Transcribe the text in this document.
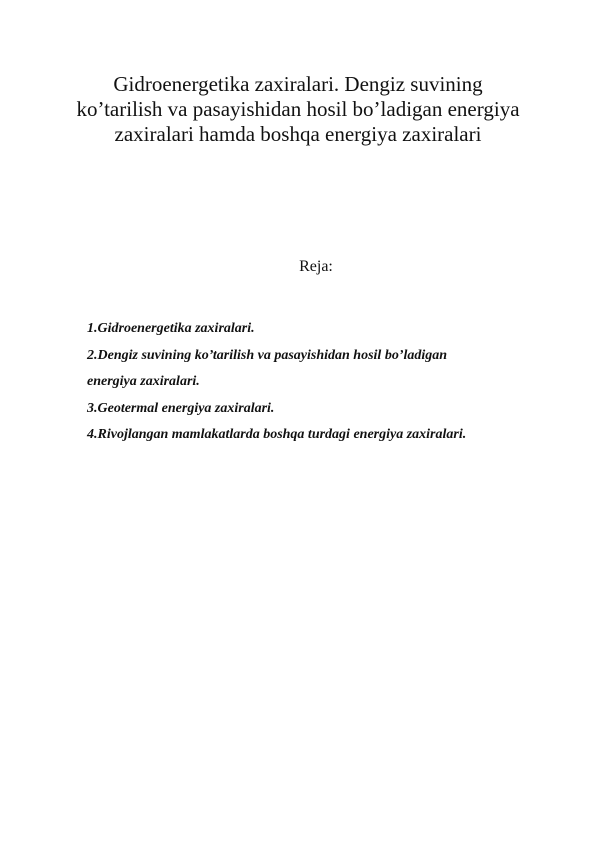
Gidroenergetika zaxiralari. Dengiz suvining
ko’tarilish va pasayishidan hosil bo’ladigan energiya
zaxiralari hamda boshqa energiya zaxiralari
Reja:
1.Gidroenergetika zaxiralari.
2.Dengiz suvining ko’tarilish va pasayishidan hosil bo’ladigan
energiya zaxiralari.
3.Geotermal energiya zaxiralari.
4.Rivojlangan mamlakatlarda boshqa turdagi energiya zaxiralari.
